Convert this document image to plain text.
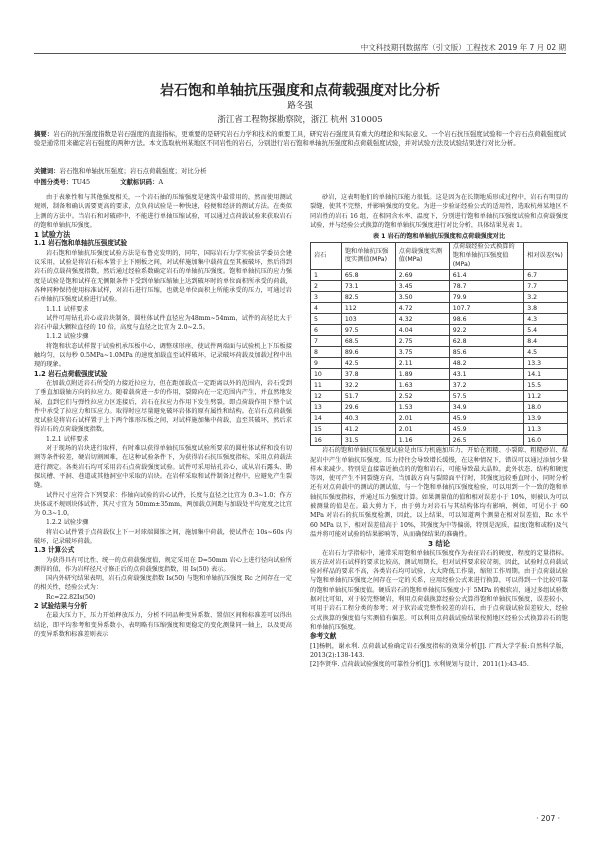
中文科技期刊数据库（引文版）工程技术 2019 年 7 月 02 期
岩石饱和单轴抗压强度和点荷载强度对比分析
路冬强
浙江省工程物探勘察院，浙江 杭州 310005
摘要：岩石的抗压强度指数是岩石强度的直接指标，更重要的是研究岩石力学和技术的重要工具，研究岩石强度具有重大的理论和实际意义。一个岩石抗压强度试验和一个岩石点荷载强度试验是通常用来确定岩石强度的两种方法。本文选取杭州某地区不同岩性的岩石，分别进行岩石饱和单轴抗压强度和点荷载强度试验，并对试验方法及试验结果进行对比分析。
关键词：岩石饱和单轴抗压强度；岩石点荷载强度；对比分析
中图分类号：TU45	文献标识码：A

由于表象性和与其他强度相关，一个岩石抽的压缩强度是建筑中最常用的，然而使用测试规则，制备和确认需要更高的要求，点负荷试验是一种快速，轻便和经济的测试方法。在类似上测的方法中。当岩石和对破碎中，不能进行单轴压缩试验，可以通过点荷载试验来获取岩石的饱和单轴抗压强度。

1 试验方法

1.1 岩石饱和单轴抗压强度试验

岩石饱和单轴抗压强度试验方法是布鲁克发明的，同年，国际岩石力学实验法学委员会建议采用，试验是将岩石标本置于上下刚板之间，对试样施加集中载荷直至其被破坏，然后得到岩石的点载荷强度指数，然后通过经验系数确定岩石的单轴抗压强度。饱和单轴抗压的应力强度是试验是饱和试样在无侧限条件下受到单轴压缩轴上达到破坏时的单位面积所承受的荷载，各种同种保持使用标准试样，对岩石进行压缩，也就是单位面积上所能承受的压力，可通过岩石单轴抗压强度试验进行试验。

1.1.1 试样要求

试件可用钻孔岩心或岩块制备，圆柱体试件直径应为48mm~54mm，试件的高径比大于岩石中最大颗粒直径的 10 倍，高度与直径之比宜为 2.0~2.5。

1.1.2 试验步骤

将饱和状态试样置于试验机承压板中心，调整球形座，使试件两端面与试验机上下压板接触均匀，以每秒 0.5MPa~1.0MPa 的速度加载直至试样破坏，记录破坏荷载及加载过程中出现的现象。

1.2 岩石点荷载强度试验

在加载点附近岩石所受的力接近拉应力，但在距加载点一定距离以外的范围内，岩石受到了垂直加载轴方向的拉应力。随着载荷进一步的作用，裂隙向在一定范围内产生，并直然地发展，直到它们与弹性拉应力区连接后，岩石在拉应力作用下发生劈裂，即点荷载作用下整个试件中承受了拉应力和压应力。取得时应尽量避免破坏岩体的原有属性和结构。在岩石点荷载强度试验是将岩石试样置于上下两个锥形压板之间，对试样施加集中荷载，直至其破坏，然后求得岩石的点荷载强度指数。

1.2.1 试样要求

对于现场的岩块进行取样，有时难以获得单轴抗压强度试验所要求的圆柱体试样和没有切割等条件较差，硬岩切割困难，在这种试验条件下，为获得岩石抗压强度指标，采用点荷载法进行测定。各类岩石均可采用岩石点荷载强度试验。试件可采用钻孔岩心，或从岩石露头、勘探坑槽、平洞、巷道或其他洞室中采取的岩块。在岩样采取和试件制备过程中，应避免产生裂缝。

试件尺寸应符合下列要求：作轴向试验的岩心试件，长度与直径之比宜为 0.3~1.0；作方块体或不规则块体试件，其尺寸宜为 50mm±35mm，两加载点间距与加载处平均宽度之比宜为 0.3~1.0。

1.2.2 试验步骤

将岩心试件置于点荷载仪上下一对球端圆锥之间，施加集中荷载，使试件在 10s~60s 内破坏，记录破坏荷载。

1.3 计算公式

为获得具有可比性、统一的点荷载强度值，规定采用在 D=50mm 岩心上进行径向试验所测得的值，作为岩样径尺寸修正后的点荷载强度指数，用 Is(50) 表示。

国内外研究结果表明，岩石点荷载强度指数 Is(50) 与饱和单轴抗压强度 Rc 之间存在一定的相关性，经验公式为：

Rc=22.82Is(50)

2 试验结果与分析

在最大压力下，压力开始释放压力，分析不同品种变异系数、置信区间和标准差可以得出结论，即平均参考和变异系数小，表明略有压缩强度和更稳定的变化测量同一轴上，以及更高的变异系数和标准差则表示

砂岩，这表明他们的单轴抗压能力很低。这是因为在长期地质形成过程中，岩石有明显的裂缝，使其不完整，并影响强度的变化。为进一步验证经验公式的适用性，选取杭州某地区不同岩性的岩石 16 组，在相同含水率、温度下，分别进行饱和单轴抗压强度试验和点荷载强度试验，并与经验公式换算的饱和单轴抗压强度进行对比分析，具体结果见表 1。

表 1 岩石的饱和单轴抗压强度和点荷载强度对比
岩石	饱和单轴抗压强度实测值(MPa)	点荷载强度实测值(MPa)	点荷载经验公式换算的饱和单轴抗压强度值(MPa)	相对误差(%)
1	65.8	2.69	61.4	6.7
2	73.1	3.45	78.7	7.7
3	82.5	3.50	79.9	3.2
4	112	4.72	107.7	3.8
5	103	4.32	98.6	4.3
6	97.5	4.04	92.2	5.4
7	68.5	2.75	62.8	8.4
8	89.6	3.75	85.6	4.5
9	42.5	2.11	48.2	13.3
10	37.8	1.89	43.1	14.1
11	32.2	1.63	37.2	15.5
12	51.7	2.52	57.5	11.2
13	29.6	1.53	34.9	18.0
14	40.3	2.01	45.9	13.9
15	41.2	2.01	45.9	11.3
16	31.5	1.16	26.5	16.0

岩石的饱和单轴抗压强度试验是由压力机施加压力，开始在粗糙、小裂隙、粗糙砂岩、煤泥岩中产生单轴抗压强度。压力持往会导致增长缓慢，在这种情况下，错误可以通过添加少量样本来减少。特别是直接靠近抽点的的饱和岩石，可能导致最大晶粒，此外状态、结构和硬度等因，使可产生不同裂缝方向，当加载方向与裂隙面平行时，其强度远较垂直时小，同时分析还有对点荷载中的测试的测试值，与一个饱和单轴抗压强度检验，可以用到一个一致的饱和单轴抗压强度指标，并通过压力强度计算。如果测量值的值和相对误差小于 10%，则被认为可以被测量的值是在。最大剪力下，由于剪力对岩石与其结构体均有影响，例如，可见小于 60 MPa 对岩石的抗压强度检测，因此，以上结果，可以知道两个测量在相对误差值，Rc 水平 60 MPa 以下，相对误差值高于 10%，其强度为中等偏弱，特别是泥质，温度(饱和或粉)及气温并将可能对试验的结果影响等，从而确保结果的准确性。

3 结论

在岩石力学指标中，通常采用饱和单轴抗压强度作为表征岩石的硬度，程度的定量指标。该方法对岩石试样的要求比较高，测试周期长，但对试样要求较苛刻，因此，试验时点荷载试验对样品的要求不高，各类岩石均可试验，大大降低工作量，缩短工作周期。由于点荷载试验与饱和单轴抗压强度之间存在一定的关系，应用经验公式来进行换算，可以得到一个比较可靠的饱和单轴抗压强度值。硬质岩石的饱和单轴抗压强度小于 5MPa 的极软岩，通过多组试验数据对比可知，对于较完整硬岩，利用点荷载换算经验公式算得饱和单轴抗压强度，误差较小，可用于岩石工程分类的参考；对于软岩或完整性较差的岩石，由于点荷载试验误差较大，经验公式换算的强度值与实测值有偏差。可以利用点荷载试验结果按照地区经验公式换算岩石的饱和单轴抗压强度。

参考文献

[1]杨帆，谢永利. 点荷载试验确定岩石强度指标的效果分析[J]. 广西大学学报:自然科学版，2013(2):138-143.

[2]李贤华. 点荷载试验强度的可靠性分析[J]. 水利规划与设计，2011(1):43-45.

· 207 ·
